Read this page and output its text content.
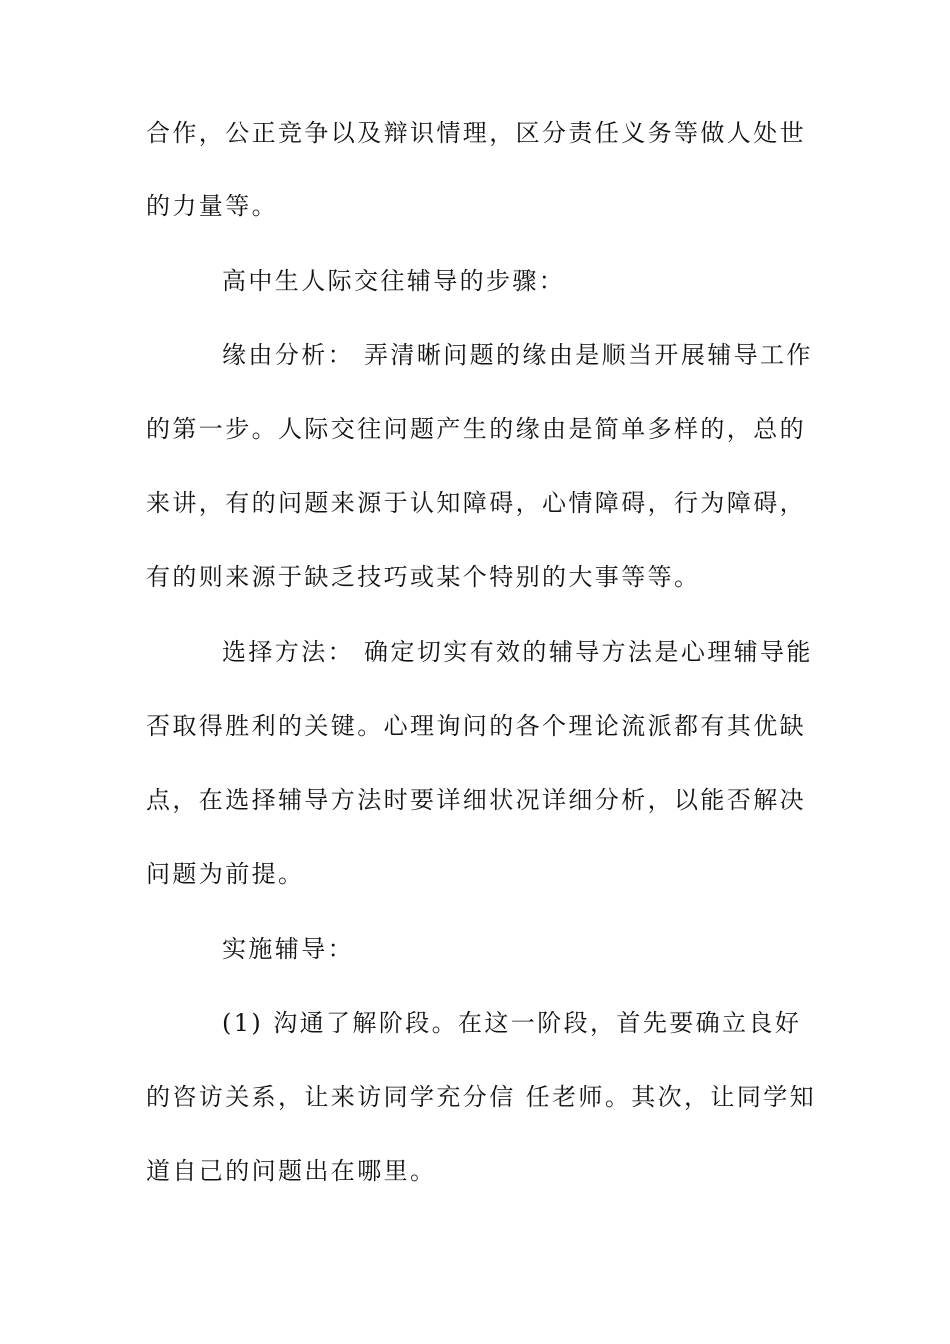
合作，公正竞争以及辩识情理，区分责任义务等做人处世
的力量等。
高中生人际交往辅导的步骤：
缘由分析： 弄清晰问题的缘由是顺当开展辅导工作
的第一步。人际交往问题产生的缘由是简单多样的，总的
来讲，有的问题来源于认知障碍，心情障碍，行为障碍，
有的则来源于缺乏技巧或某个特别的大事等等。
选择方法： 确定切实有效的辅导方法是心理辅导能
否取得胜利的关键。心理询问的各个理论流派都有其优缺
点，在选择辅导方法时要详细状况详细分析，以能否解决
问题为前提。
实施辅导：
(1) 沟通了解阶段。在这一阶段，首先要确立良好
的咨访关系，让来访同学充分信 任老师。其次，让同学知
道自己的问题出在哪里。
